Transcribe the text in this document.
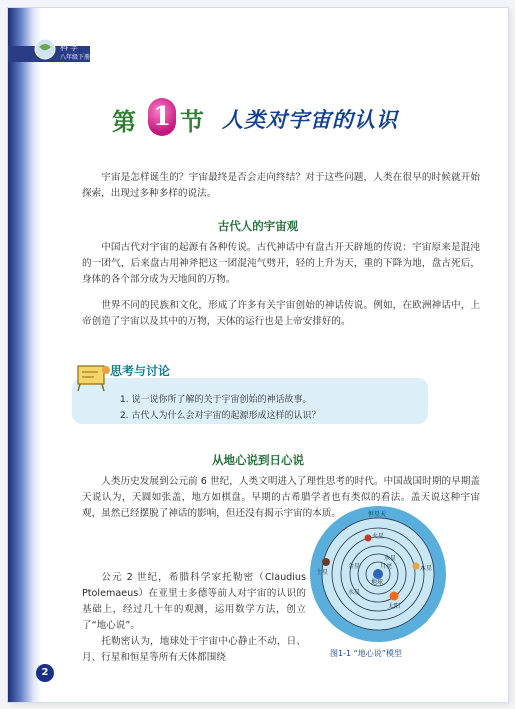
科学
八年级下册
第 1 节 人类对宇宙的认识

宇宙是怎样诞生的？宇宙最终是否会走向终结？对于这些问题，人类在很早的时候就开始探索，出现过多种多样的说法。

古代人的宇宙观

中国古代对宇宙的起源有各种传说。古代神话中有盘古开天辟地的传说：宇宙原来是混沌的一团气，后来盘古用神斧把这一团混沌气劈开，轻的上升为天，重的下降为地，盘古死后，身体的各个部分成为天地间的万物。

世界不同的民族和文化，形成了许多有关宇宙创始的神话传说。例如，在欧洲神话中，上帝创造了宇宙以及其中的万物，天体的运行也是上帝安排好的。

思考与讨论
1. 说一说你所了解的关于宇宙创始的神话故事。
2. 古代人为什么会对宇宙的起源形成这样的认识？
从地心说到日心说

人类历史发展到公元前 6 世纪，人类文明进入了理性思考的时代。中国战国时期的早期盖天说认为，天圆如张盖，地方如棋盘。早期的古希腊学者也有类似的看法。盖天说这种宇宙观，虽然已经摆脱了神话的影响，但还没有揭示宇宙的本质。

公元 2 世纪，希腊科学家托勒密（Claudius Ptolemaeus）在亚里士多德等前人对宇宙的认识的基础上，经过几十年的观测，运用数学方法，创立了“地心说”。

托勒密认为，地球处于宇宙中心静止不动，日、月、行星和恒星等所有天体都围绕

恒星天
火星
木星
土星
金星
水星
太阳
地球
月亮
水星
图1-1 “地心说”模型
2
